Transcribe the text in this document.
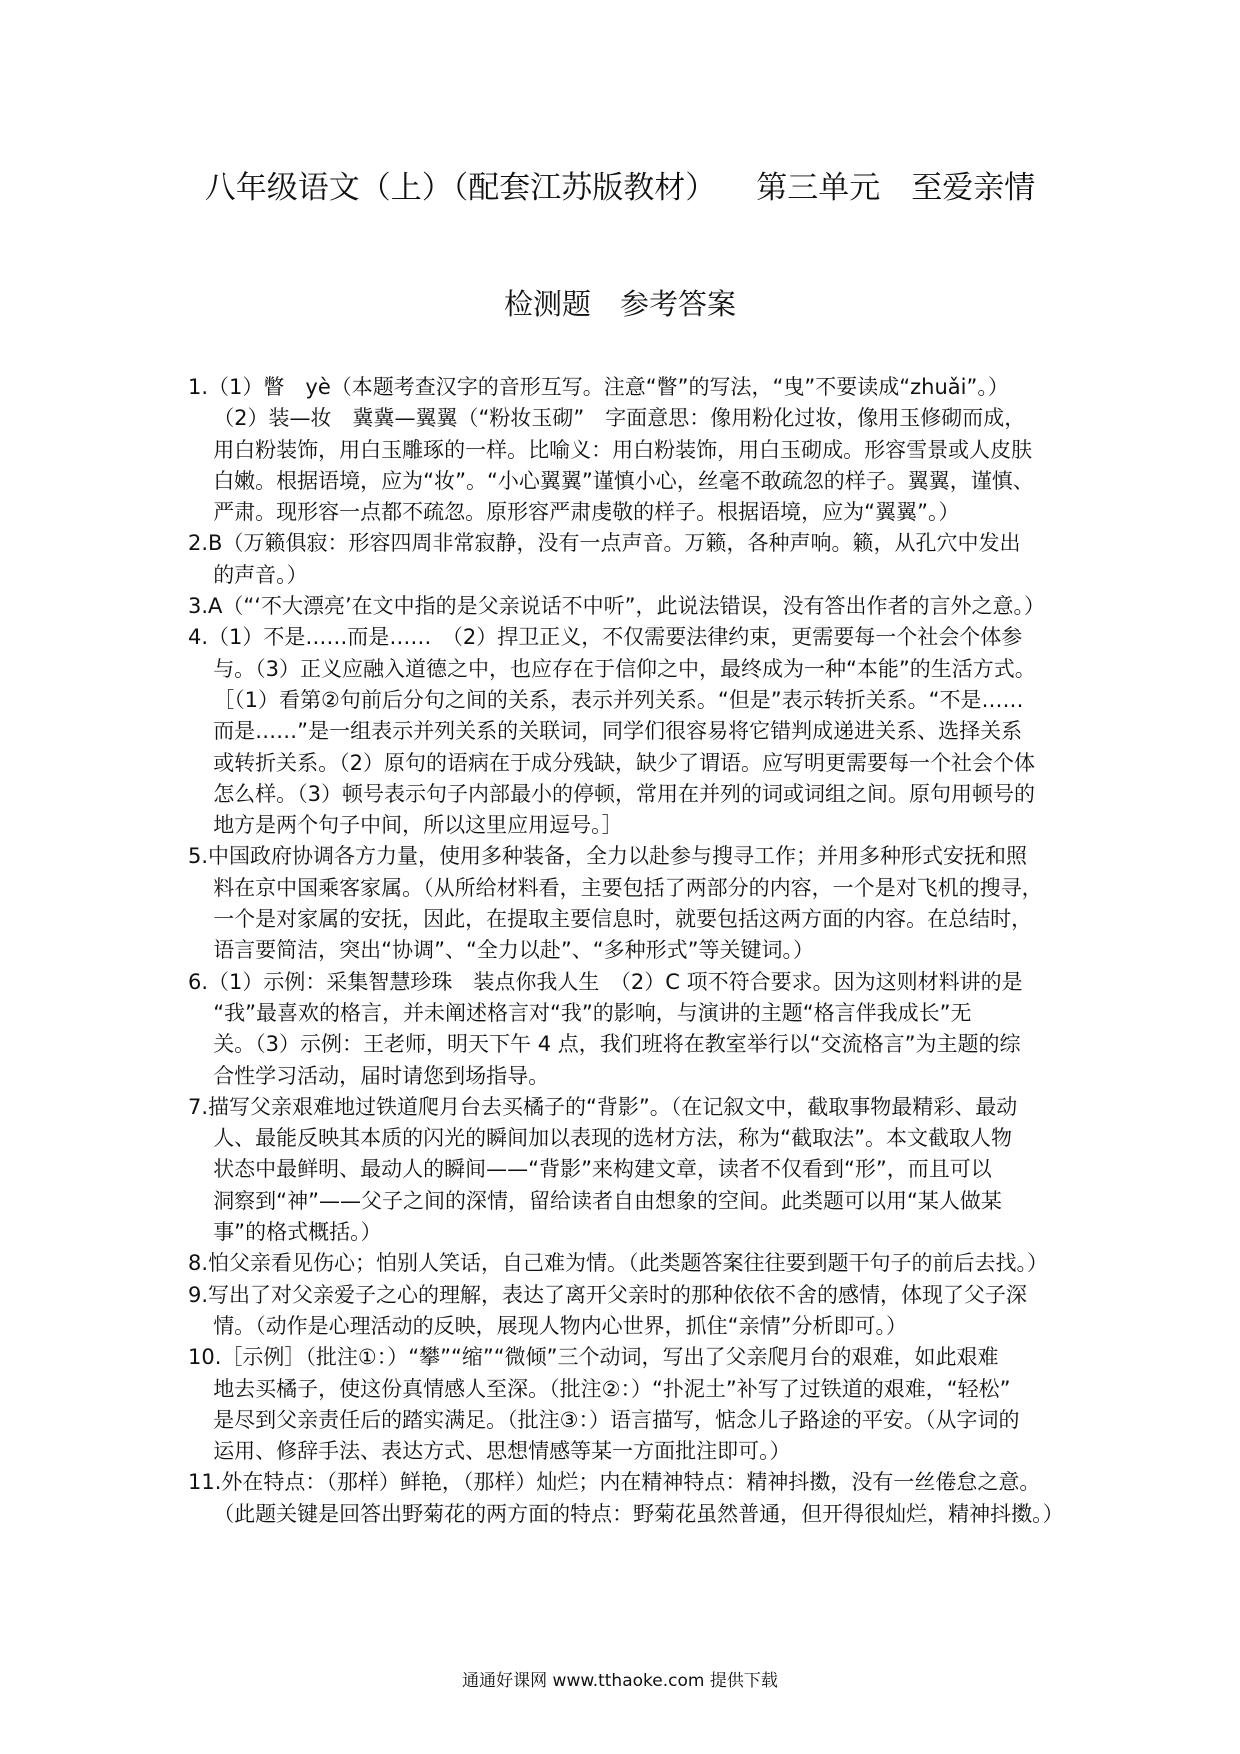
八年级语文（上）（配套江苏版教材） 第三单元　至爱亲情
检测题　参考答案
1.（1）瞥　yè（本题考查汉字的音形互写。注意“瞥”的写法，“曳”不要读成“zhuǎi”。）
（2）装—妆　冀冀—翼翼（“粉妆玉砌”　字面意思：像用粉化过妆，像用玉修砌而成，
用白粉装饰，用白玉雕琢的一样。比喻义：用白粉装饰，用白玉砌成。形容雪景或人皮肤
白嫩。根据语境，应为“妆”。“小心翼翼”谨慎小心，丝毫不敢疏忽的样子。翼翼，谨慎、
严肃。现形容一点都不疏忽。原形容严肃虔敬的样子。根据语境，应为“翼翼”。）
2.B（万籁俱寂：形容四周非常寂静，没有一点声音。万籁，各种声响。籁，从孔穴中发出
的声音。）
3.A（“‘不大漂亮’在文中指的是父亲说话不中听”，此说法错误，没有答出作者的言外之意。）
4.（1）不是……而是……　（2）捍卫正义，不仅需要法律约束，更需要每一个社会个体参
与。（3）正义应融入道德之中，也应存在于信仰之中，最终成为一种“本能”的生活方式。
［（1）看第②句前后分句之间的关系，表示并列关系。“但是”表示转折关系。“不是……
而是……”是一组表示并列关系的关联词，同学们很容易将它错判成递进关系、选择关系
或转折关系。（2）原句的语病在于成分残缺，缺少了谓语。应写明更需要每一个社会个体
怎么样。（3）顿号表示句子内部最小的停顿，常用在并列的词或词组之间。原句用顿号的
地方是两个句子中间，所以这里应用逗号。］
5.中国政府协调各方力量，使用多种装备，全力以赴参与搜寻工作；并用多种形式安抚和照
料在京中国乘客家属。（从所给材料看，主要包括了两部分的内容，一个是对飞机的搜寻，
一个是对家属的安抚，因此，在提取主要信息时，就要包括这两方面的内容。在总结时，
语言要简洁，突出“协调”、“全力以赴”、“多种形式”等关键词。）
6.（1）示例：采集智慧珍珠　装点你我人生　（2）C 项不符合要求。因为这则材料讲的是
“我”最喜欢的格言，并未阐述格言对“我”的影响，与演讲的主题“格言伴我成长”无
关。（3）示例：王老师，明天下午 4 点，我们班将在教室举行以“交流格言”为主题的综
合性学习活动，届时请您到场指导。
7.描写父亲艰难地过铁道爬月台去买橘子的“背影”。（在记叙文中，截取事物最精彩、最动
人、最能反映其本质的闪光的瞬间加以表现的选材方法，称为“截取法”。本文截取人物
状态中最鲜明、最动人的瞬间——“背影”来构建文章，读者不仅看到“形”，而且可以
洞察到“神”——父子之间的深情，留给读者自由想象的空间。此类题可以用“某人做某
事”的格式概括。）
8.怕父亲看见伤心；怕别人笑话，自己难为情。（此类题答案往往要到题干句子的前后去找。）
9.写出了对父亲爱子之心的理解，表达了离开父亲时的那种依依不舍的感情，体现了父子深
情。（动作是心理活动的反映，展现人物内心世界，抓住“亲情”分析即可。）
10.［示例］（批注①：）“攀”“缩”“微倾”三个动词，写出了父亲爬月台的艰难，如此艰难
地去买橘子，使这份真情感人至深。（批注②：）“扑泥土”补写了过铁道的艰难，“轻松”
是尽到父亲责任后的踏实满足。（批注③：）语言描写，惦念儿子路途的平安。（从字词的
运用、修辞手法、表达方式、思想情感等某一方面批注即可。）
11.外在特点：（那样）鲜艳，（那样）灿烂；内在精神特点：精神抖擞，没有一丝倦怠之意。
（此题关键是回答出野菊花的两方面的特点：野菊花虽然普通，但开得很灿烂，精神抖擞。）
通通好课网 www.tthaoke.com 提供下载
